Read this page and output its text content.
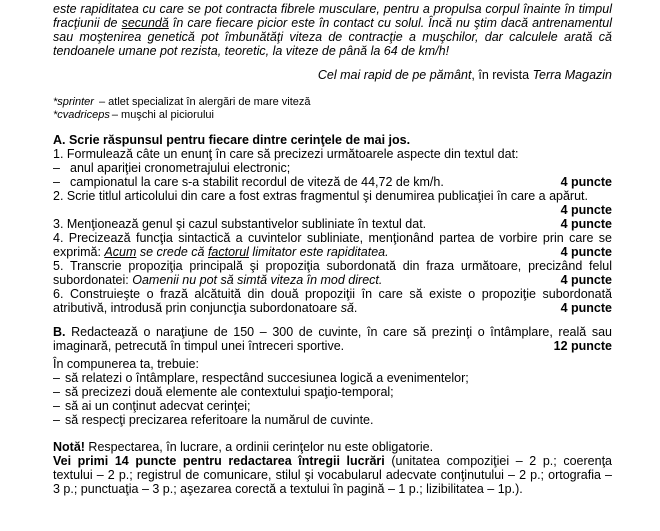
este rapiditatea cu care se pot contracta fibrele musculare, pentru a propulsa corpul înainte în timpul fracţiunii de secundă în care fiecare picior este în contact cu solul. Încă nu ştim dacă antrenamentul sau moştenirea genetică pot îmbunătăţi viteza de contracţie a muşchilor, dar calculele arată că tendoanele umane pot rezista, teoretic, la viteze de până la 64 de km/h!
Cel mai rapid de pe pământ, în revista Terra Magazin
*sprinter – atlet specializat în alergări de mare viteză
*cvadriceps – muşchi al piciorului
A. Scrie răspunsul pentru fiecare dintre cerinţele de mai jos.
1. Formulează câte un enunţ în care să precizezi următoarele aspecte din textul dat:
– anul apariţiei cronometrajului electronic;
– campionatul la care s-a stabilit recordul de viteză de 44,72 de km/h.	4 puncte
2. Scrie titlul articolului din care a fost extras fragmentul şi denumirea publicaţiei în care a apărut.
4 puncte
3. Menţionează genul şi cazul substantivelor subliniate în textul dat.	4 puncte
4. Precizează funcţia sintactică a cuvintelor subliniate, menţionând partea de vorbire prin care se exprimă: Acum se crede că factorul limitator este rapiditatea.	4 puncte
5. Transcrie propoziţia principală şi propoziţia subordonată din fraza următoare, precizând felul subordonatei: Oamenii nu pot să simtă viteza în mod direct.	4 puncte
6. Construieşte o frază alcătuită din două propoziţii în care să existe o propoziţie subordonată atributivă, introdusă prin conjuncţia subordonatoare să.	4 puncte
B. Redactează o naraţiune de 150 – 300 de cuvinte, în care să prezinţi o întâmplare, reală sau imaginară, petrecută în timpul unei întreceri sportive.	12 puncte
În compunerea ta, trebuie:
– să relatezi o întâmplare, respectând succesiunea logică a evenimentelor;
– să precizezi două elemente ale contextului spaţio-temporal;
– să ai un conţinut adecvat cerinţei;
– să respecţi precizarea referitoare la numărul de cuvinte.
Notă! Respectarea, în lucrare, a ordinii cerinţelor nu este obligatorie.
Vei primi 14 puncte pentru redactarea întregii lucrări (unitatea compoziţiei – 2 p.; coerenţa textului – 2 p.; registrul de comunicare, stilul şi vocabularul adecvate conţinutului – 2 p.; ortografia – 3 p.; punctuaţia – 3 p.; aşezarea corectă a textului în pagină – 1 p.; lizibilitatea – 1p.).
